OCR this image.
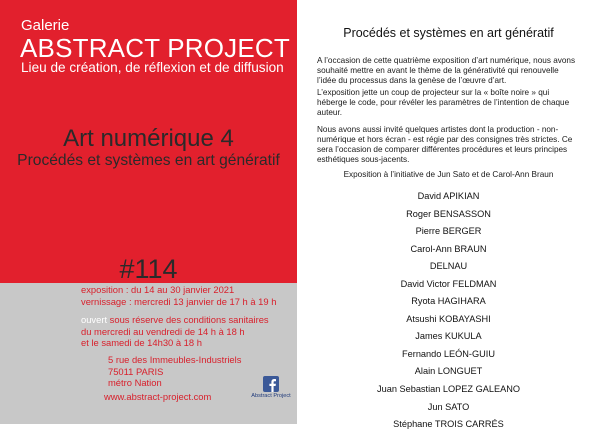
Galerie
ABSTRACT PROJECT
Lieu de création, de réflexion et de diffusion
Art numérique 4
Procédés et systèmes en art génératif
#114
exposition : du 14 au 30 janvier 2021
vernissage : mercredi 13 janvier de 17 h à 19 h
ouvert sous réserve des conditions sanitaires
du mercredi au vendredi de 14 h à 18 h
et le samedi de 14h30 à 18 h
5 rue des Immeubles-Industriels
75011 PARIS
métro Nation
www.abstract-project.com	Abstract Project
Procédés et systèmes en art génératif
A l’occasion de cette quatrième exposition d’art numérique, nous avons souhaité mettre en avant le thème de la générativité qui renouvelle l’idée du processus dans la genèse de l’œuvre d’art.
L’exposition jette un coup de projecteur sur la « boîte noire » qui héberge le code, pour révéler les paramètres de l’intention de chaque auteur.
Nous avons aussi invité quelques artistes dont la production - non-numérique et hors écran - est régie par des consignes très strictes. Ce sera l’occasion de comparer différentes procédures et leurs principes esthétiques sous-jacents.
Exposition à l’initiative de Jun Sato et de Carol-Ann Braun
David APIKIAN
Roger BENSASSON
Pierre BERGER
Carol-Ann BRAUN
DELNAU
David Victor FELDMAN
Ryota HAGIHARA
Atsushi KOBAYASHI
James KUKULA
Fernando LEÓN-GUIU
Alain LONGUET
Juan Sebastian LOPEZ GALEANO
Jun SATO
Stéphane TROIS CARRÉS
